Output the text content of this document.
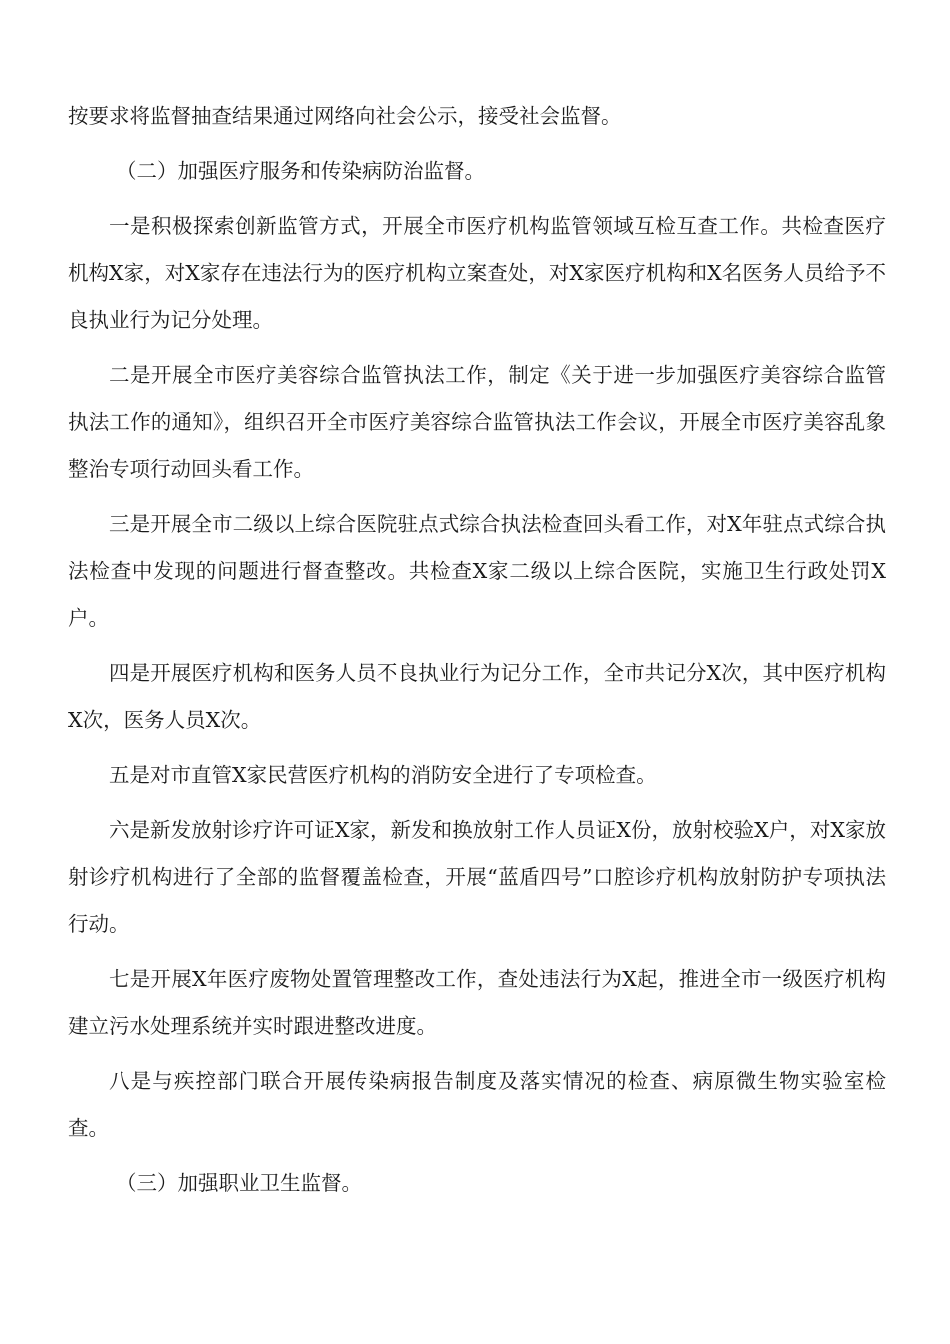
按要求将监督抽查结果通过网络向社会公示，接受社会监督。

（二）加强医疗服务和传染病防治监督。

一是积极探索创新监管方式，开展全市医疗机构监管领域互检互查工作。共检查医疗机构X家，对X家存在违法行为的医疗机构立案查处，对X家医疗机构和X名医务人员给予不良执业行为记分处理。

二是开展全市医疗美容综合监管执法工作，制定《关于进一步加强医疗美容综合监管执法工作的通知》，组织召开全市医疗美容综合监管执法工作会议，开展全市医疗美容乱象整治专项行动回头看工作。

三是开展全市二级以上综合医院驻点式综合执法检查回头看工作，对X年驻点式综合执法检查中发现的问题进行督查整改。共检查X家二级以上综合医院，实施卫生行政处罚X户。

四是开展医疗机构和医务人员不良执业行为记分工作，全市共记分X次，其中医疗机构X次，医务人员X次。

五是对市直管X家民营医疗机构的消防安全进行了专项检查。

六是新发放射诊疗许可证X家，新发和换放射工作人员证X份，放射校验X户，对X家放射诊疗机构进行了全部的监督覆盖检查，开展“蓝盾四号”口腔诊疗机构放射防护专项执法行动。

七是开展X年医疗废物处置管理整改工作，查处违法行为X起，推进全市一级医疗机构建立污水处理系统并实时跟进整改进度。

八是与疾控部门联合开展传染病报告制度及落实情况的检查、病原微生物实验室检查。

（三）加强职业卫生监督。
